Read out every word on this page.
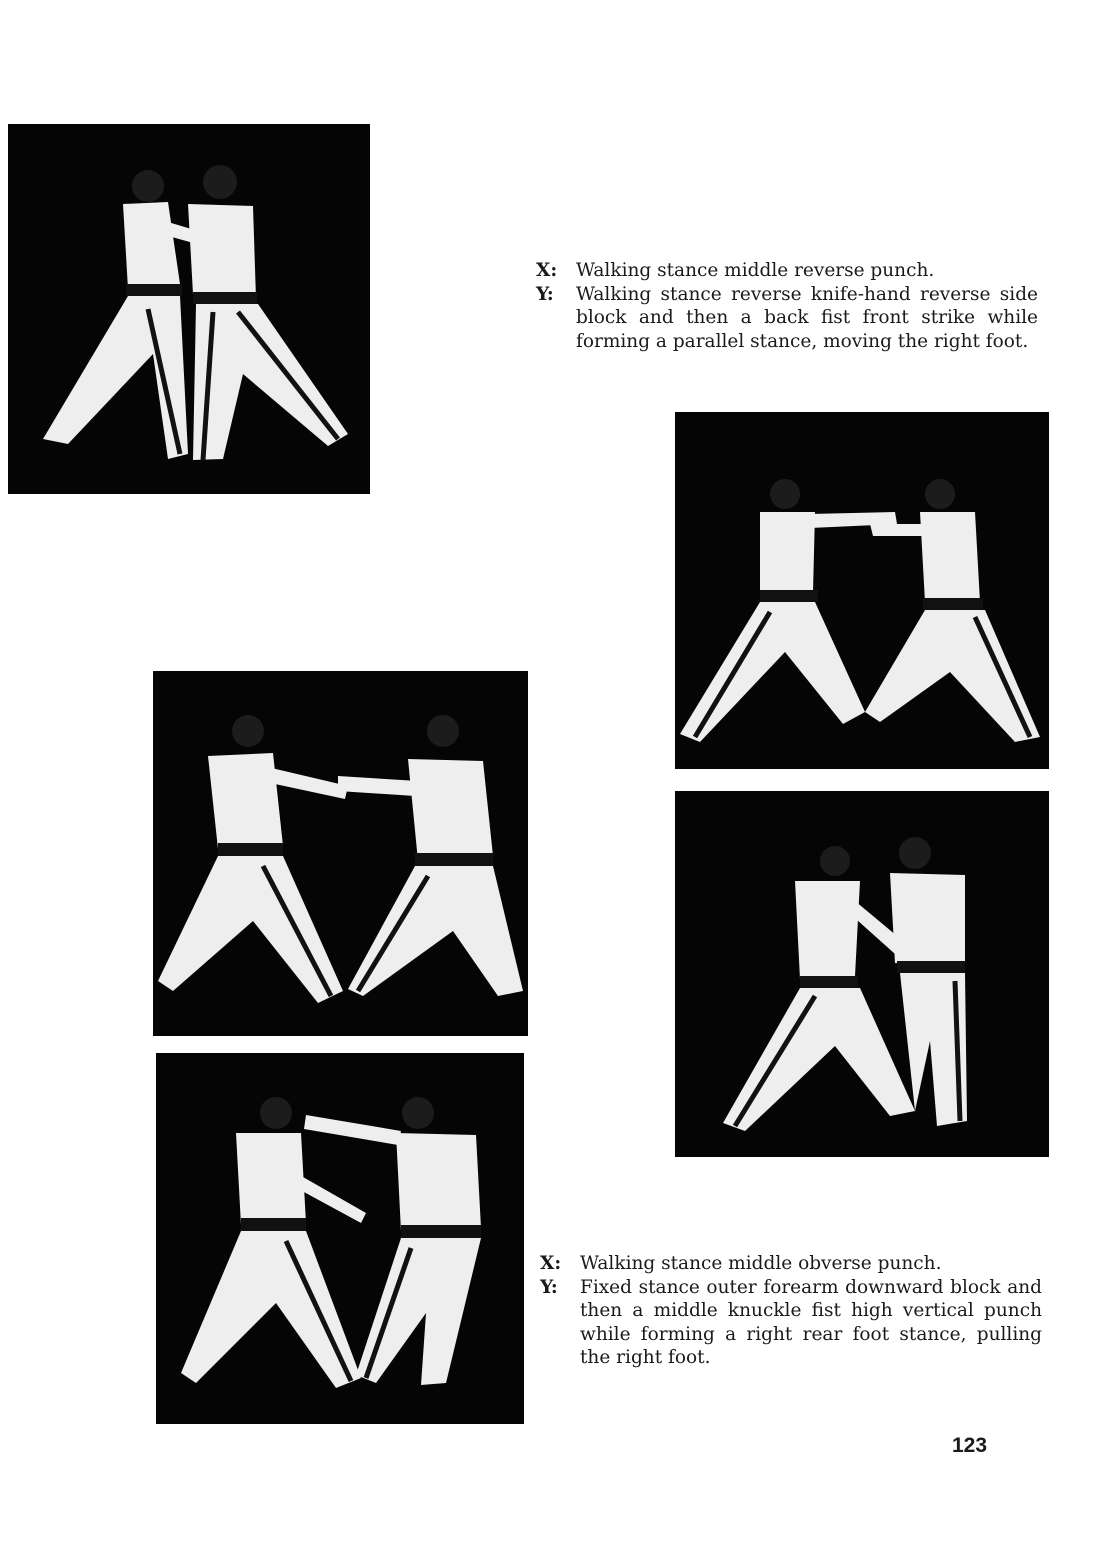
X:	Walking stance middle reverse punch.
Y:	Walking stance reverse knife-hand reverse side block and then a back fist front strike while forming a parallel stance, moving the right foot.
X:	Walking stance middle obverse punch.
Y:	Fixed stance outer forearm downward block and then a middle knuckle fist high vertical punch while forming a right rear foot stance, pulling the right foot.
123
